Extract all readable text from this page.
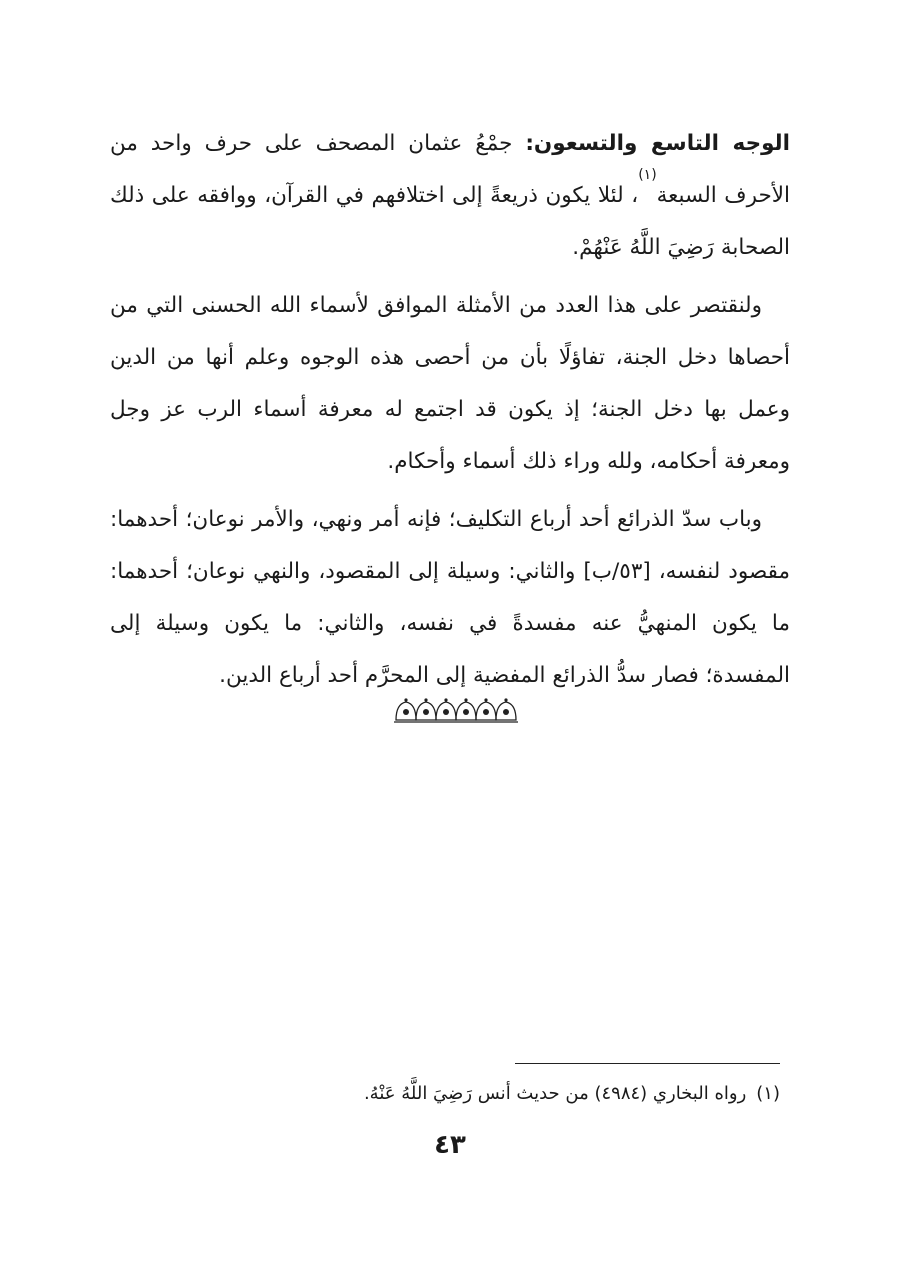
الوجه التاسع والتسعون: جمْعُ عثمان المصحف على حرف واحد من الأحرف السبعة$^{(١)}$، لئلا يكون ذريعةً إلى اختلافهم في القرآن، ووافقه على ذلك الصحابة رَضِيَ اللَّهُ عَنْهُمْ.

ولنقتصر على هذا العدد من الأمثلة الموافق لأسماء الله الحسنى التي من أحصاها دخل الجنة، تفاؤلًا بأن من أحصى هذه الوجوه وعلم أنها من الدين وعمل بها دخل الجنة؛ إذ يكون قد اجتمع له معرفة أسماء الرب عز وجل ومعرفة أحكامه، ولله وراء ذلك أسماء وأحكام.

وباب سدّ الذرائع أحد أرباع التكليف؛ فإنه أمر ونهي، والأمر نوعان؛ أحدهما: مقصود لنفسه، [٥٣/ب] والثاني: وسيلة إلى المقصود، والنهي نوعان؛ أحدهما: ما يكون المنهيُّ عنه مفسدةً في نفسه، والثاني: ما يكون وسيلة إلى المفسدة؛ فصار سدُّ الذرائع المفضية إلى المحرَّم أحد أرباع الدين.

(١)رواه البخاري (٤٩٨٤) من حديث أنس رَضِيَ اللَّهُ عَنْهُ.
٤٣
